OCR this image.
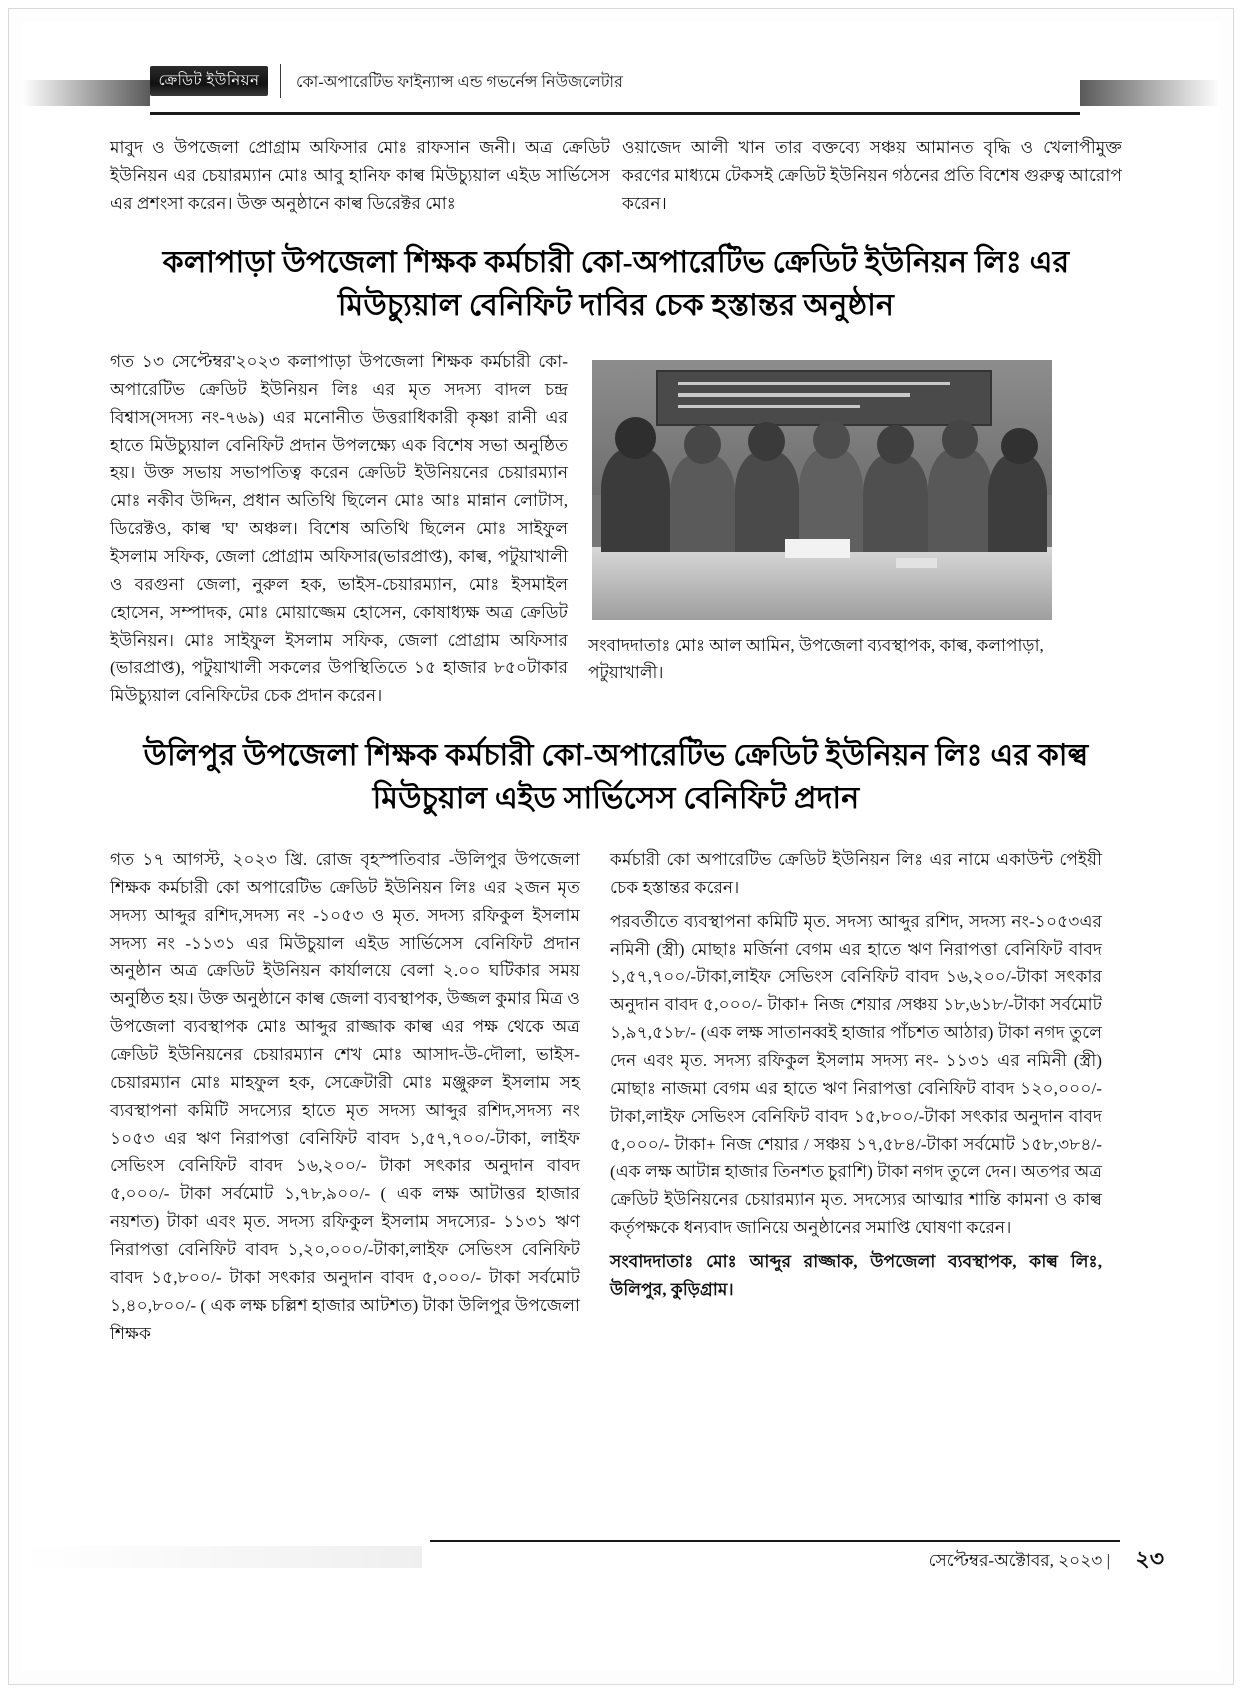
ক্রেডিট ইউনিয়ন	কো-অপারেটিভ ফাইন্যান্স এন্ড গভর্নেন্স নিউজলেটার

মাবুদ ও উপজেলা প্রোগ্রাম অফিসার মোঃ রাফসান জনী। অত্র ক্রেডিট ইউনিয়ন এর চেয়ারম্যান মোঃ আবু হানিফ কাল্ব মিউচ্যুয়াল এইড সার্ভিসেস এর প্রশংসা করেন। উক্ত অনুষ্ঠানে কাল্ব ডিরেক্টর মোঃ

ওয়াজেদ আলী খান তার বক্তব্যে সঞ্চয় আমানত বৃদ্ধি ও খেলাপীমুক্ত করণের মাধ্যমে টেকসই ক্রেডিট ইউনিয়ন গঠনের প্রতি বিশেষ গুরুত্ব আরোপ করেন।

কলাপাড়া উপজেলা শিক্ষক কর্মচারী কো-অপারেটিভ ক্রেডিট ইউনিয়ন লিঃ এর মিউচ্যুয়াল বেনিফিট দাবির চেক হস্তান্তর অনুষ্ঠান

গত ১৩ সেপ্টেম্বর'২০২৩ কলাপাড়া উপজেলা শিক্ষক কর্মচারী কো-অপারেটিভ ক্রেডিট ইউনিয়ন লিঃ এর মৃত সদস্য বাদল চন্দ্র বিশ্বাস(সদস্য নং-৭৬৯) এর মনোনীত উত্তরাধিকারী কৃষ্ণা রানী এর হাতে মিউচ্যুয়াল বেনিফিট প্রদান উপলক্ষ্যে এক বিশেষ সভা অনুষ্ঠিত হয়। উক্ত সভায় সভাপতিত্ব করেন ক্রেডিট ইউনিয়নের চেয়ারম্যান মোঃ নকীব উদ্দিন, প্রধান অতিথি ছিলেন মোঃ আঃ মান্নান লোটাস, ডিরেক্টও, কাল্ব 'ঘ' অঞ্চল। বিশেষ অতিথি ছিলেন মোঃ সাইফুল ইসলাম সফিক, জেলা প্রোগ্রাম অফিসার(ভারপ্রাপ্ত), কাল্ব, পটুয়াখালী ও বরগুনা জেলা, নুরুল হক, ভাইস-চেয়ারম্যান, মোঃ ইসমাইল হোসেন, সম্পাদক, মোঃ মোয়াজ্জেম হোসেন, কোষাধ্যক্ষ অত্র ক্রেডিট ইউনিয়ন। মোঃ সাইফুল ইসলাম সফিক, জেলা প্রোগ্রাম অফিসার (ভারপ্রাপ্ত), পটুয়াখালী সকলের উপস্থিতিতে ১৫ হাজার ৮৫০টাকার মিউচ্যুয়াল বেনিফিটের চেক প্রদান করেন।

সংবাদদাতাঃ মোঃ আল আমিন, উপজেলা ব্যবস্থাপক, কাল্ব, কলাপাড়া, পটুয়াখালী।
উলিপুর উপজেলা শিক্ষক কর্মচারী কো-অপারেটিভ ক্রেডিট ইউনিয়ন লিঃ এর কাল্ব মিউচুয়াল এইড সার্ভিসেস বেনিফিট প্রদান

গত ১৭ আগস্ট, ২০২৩ খ্রি. রোজ বৃহস্পতিবার -উলিপুর উপজেলা শিক্ষক কর্মচারী কো অপারেটিভ ক্রেডিট ইউনিয়ন লিঃ এর ২জন মৃত সদস্য আব্দুর রশিদ,সদস্য নং -১০৫৩ ও মৃত. সদস্য রফিকুল ইসলাম সদস্য নং -১১৩১ এর মিউচুয়াল এইড সার্ভিসেস বেনিফিট প্রদান অনুষ্ঠান অত্র ক্রেডিট ইউনিয়ন কার্যালয়ে বেলা ২.০০ ঘটিকার সময় অনুষ্ঠিত হয়। উক্ত অনুষ্ঠানে কাল্ব জেলা ব্যবস্থাপক, উজ্জল কুমার মিত্র ও উপজেলা ব্যবস্থাপক মোঃ আব্দুর রাজ্জাক কাল্ব এর পক্ষ থেকে অত্র ক্রেডিট ইউনিয়নের চেয়ারম্যান শেখ মোঃ আসাদ-উ-দৌলা, ভাইস-চেয়ারম্যান মোঃ মাহফুল হক, সেক্রেটারী মোঃ মঞ্জুরুল ইসলাম সহ ব্যবস্থাপনা কমিটি সদস্যের হাতে মৃত সদস্য আব্দুর রশিদ,সদস্য নং ১০৫৩ এর ঋণ নিরাপত্তা বেনিফিট বাবদ ১,৫৭,৭০০/-টাকা, লাইফ সেভিংস বেনিফিট বাবদ ১৬,২০০/- টাকা সৎকার অনুদান বাবদ ৫,০০০/- টাকা সর্বমোট ১,৭৮,৯০০/- ( এক লক্ষ আটাত্তর হাজার নয়শত) টাকা এবং মৃত. সদস্য রফিকুল ইসলাম সদস্যের- ১১৩১ ঋণ নিরাপত্তা বেনিফিট বাবদ ১,২০,০০০/-টাকা,লাইফ সেভিংস বেনিফিট বাবদ ১৫,৮০০/- টাকা সৎকার অনুদান বাবদ ৫,০০০/- টাকা সর্বমোট ১,৪০,৮০০/- ( এক লক্ষ চল্লিশ হাজার আটশত) টাকা উলিপুর উপজেলা শিক্ষক

কর্মচারী কো অপারেটিভ ক্রেডিট ইউনিয়ন লিঃ এর নামে একাউন্ট পেইয়ী চেক হস্তান্তর করেন।

পরবর্তীতে ব্যবস্থাপনা কমিটি মৃত. সদস্য আব্দুর রশিদ, সদস্য নং-১০৫৩এর নমিনী (স্ত্রী) মোছাঃ মর্জিনা বেগম এর হাতে ঋণ নিরাপত্তা বেনিফিট বাবদ ১,৫৭,৭০০/-টাকা,লাইফ সেভিংস বেনিফিট বাবদ ১৬,২০০/-টাকা সৎকার অনুদান বাবদ ৫,০০০/- টাকা+ নিজ শেয়ার /সঞ্চয় ১৮,৬১৮/-টাকা সর্বমোট ১,৯৭,৫১৮/- (এক লক্ষ সাতানব্বই হাজার পাঁচশত আঠার) টাকা নগদ তুলে দেন এবং মৃত. সদস্য রফিকুল ইসলাম সদস্য নং- ১১৩১ এর নমিনী (স্ত্রী) মোছাঃ নাজমা বেগম এর হাতে ঋণ নিরাপত্তা বেনিফিট বাবদ ১২০,০০০/-টাকা,লাইফ সেভিংস বেনিফিট বাবদ ১৫,৮০০/-টাকা সৎকার অনুদান বাবদ ৫,০০০/- টাকা+ নিজ শেয়ার / সঞ্চয় ১৭,৫৮৪/-টাকা সর্বমোট ১৫৮,৩৮৪/- (এক লক্ষ আটান্ন হাজার তিনশত চুরাশি) টাকা নগদ তুলে দেন। অতপর অত্র ক্রেডিট ইউনিয়নের চেয়ারম্যান মৃত. সদস্যের আত্মার শান্তি কামনা ও কাল্ব কর্তৃপক্ষকে ধন্যবাদ জানিয়ে অনুষ্ঠানের সমাপ্তি ঘোষণা করেন।

সংবাদদাতাঃ মোঃ আব্দুর রাজ্জাক, উপজেলা ব্যবস্থাপক, কাল্ব লিঃ, উলিপুর, কুড়িগ্রাম।
সেপ্টেম্বর-অক্টোবর, ২০২৩ | ২৩
